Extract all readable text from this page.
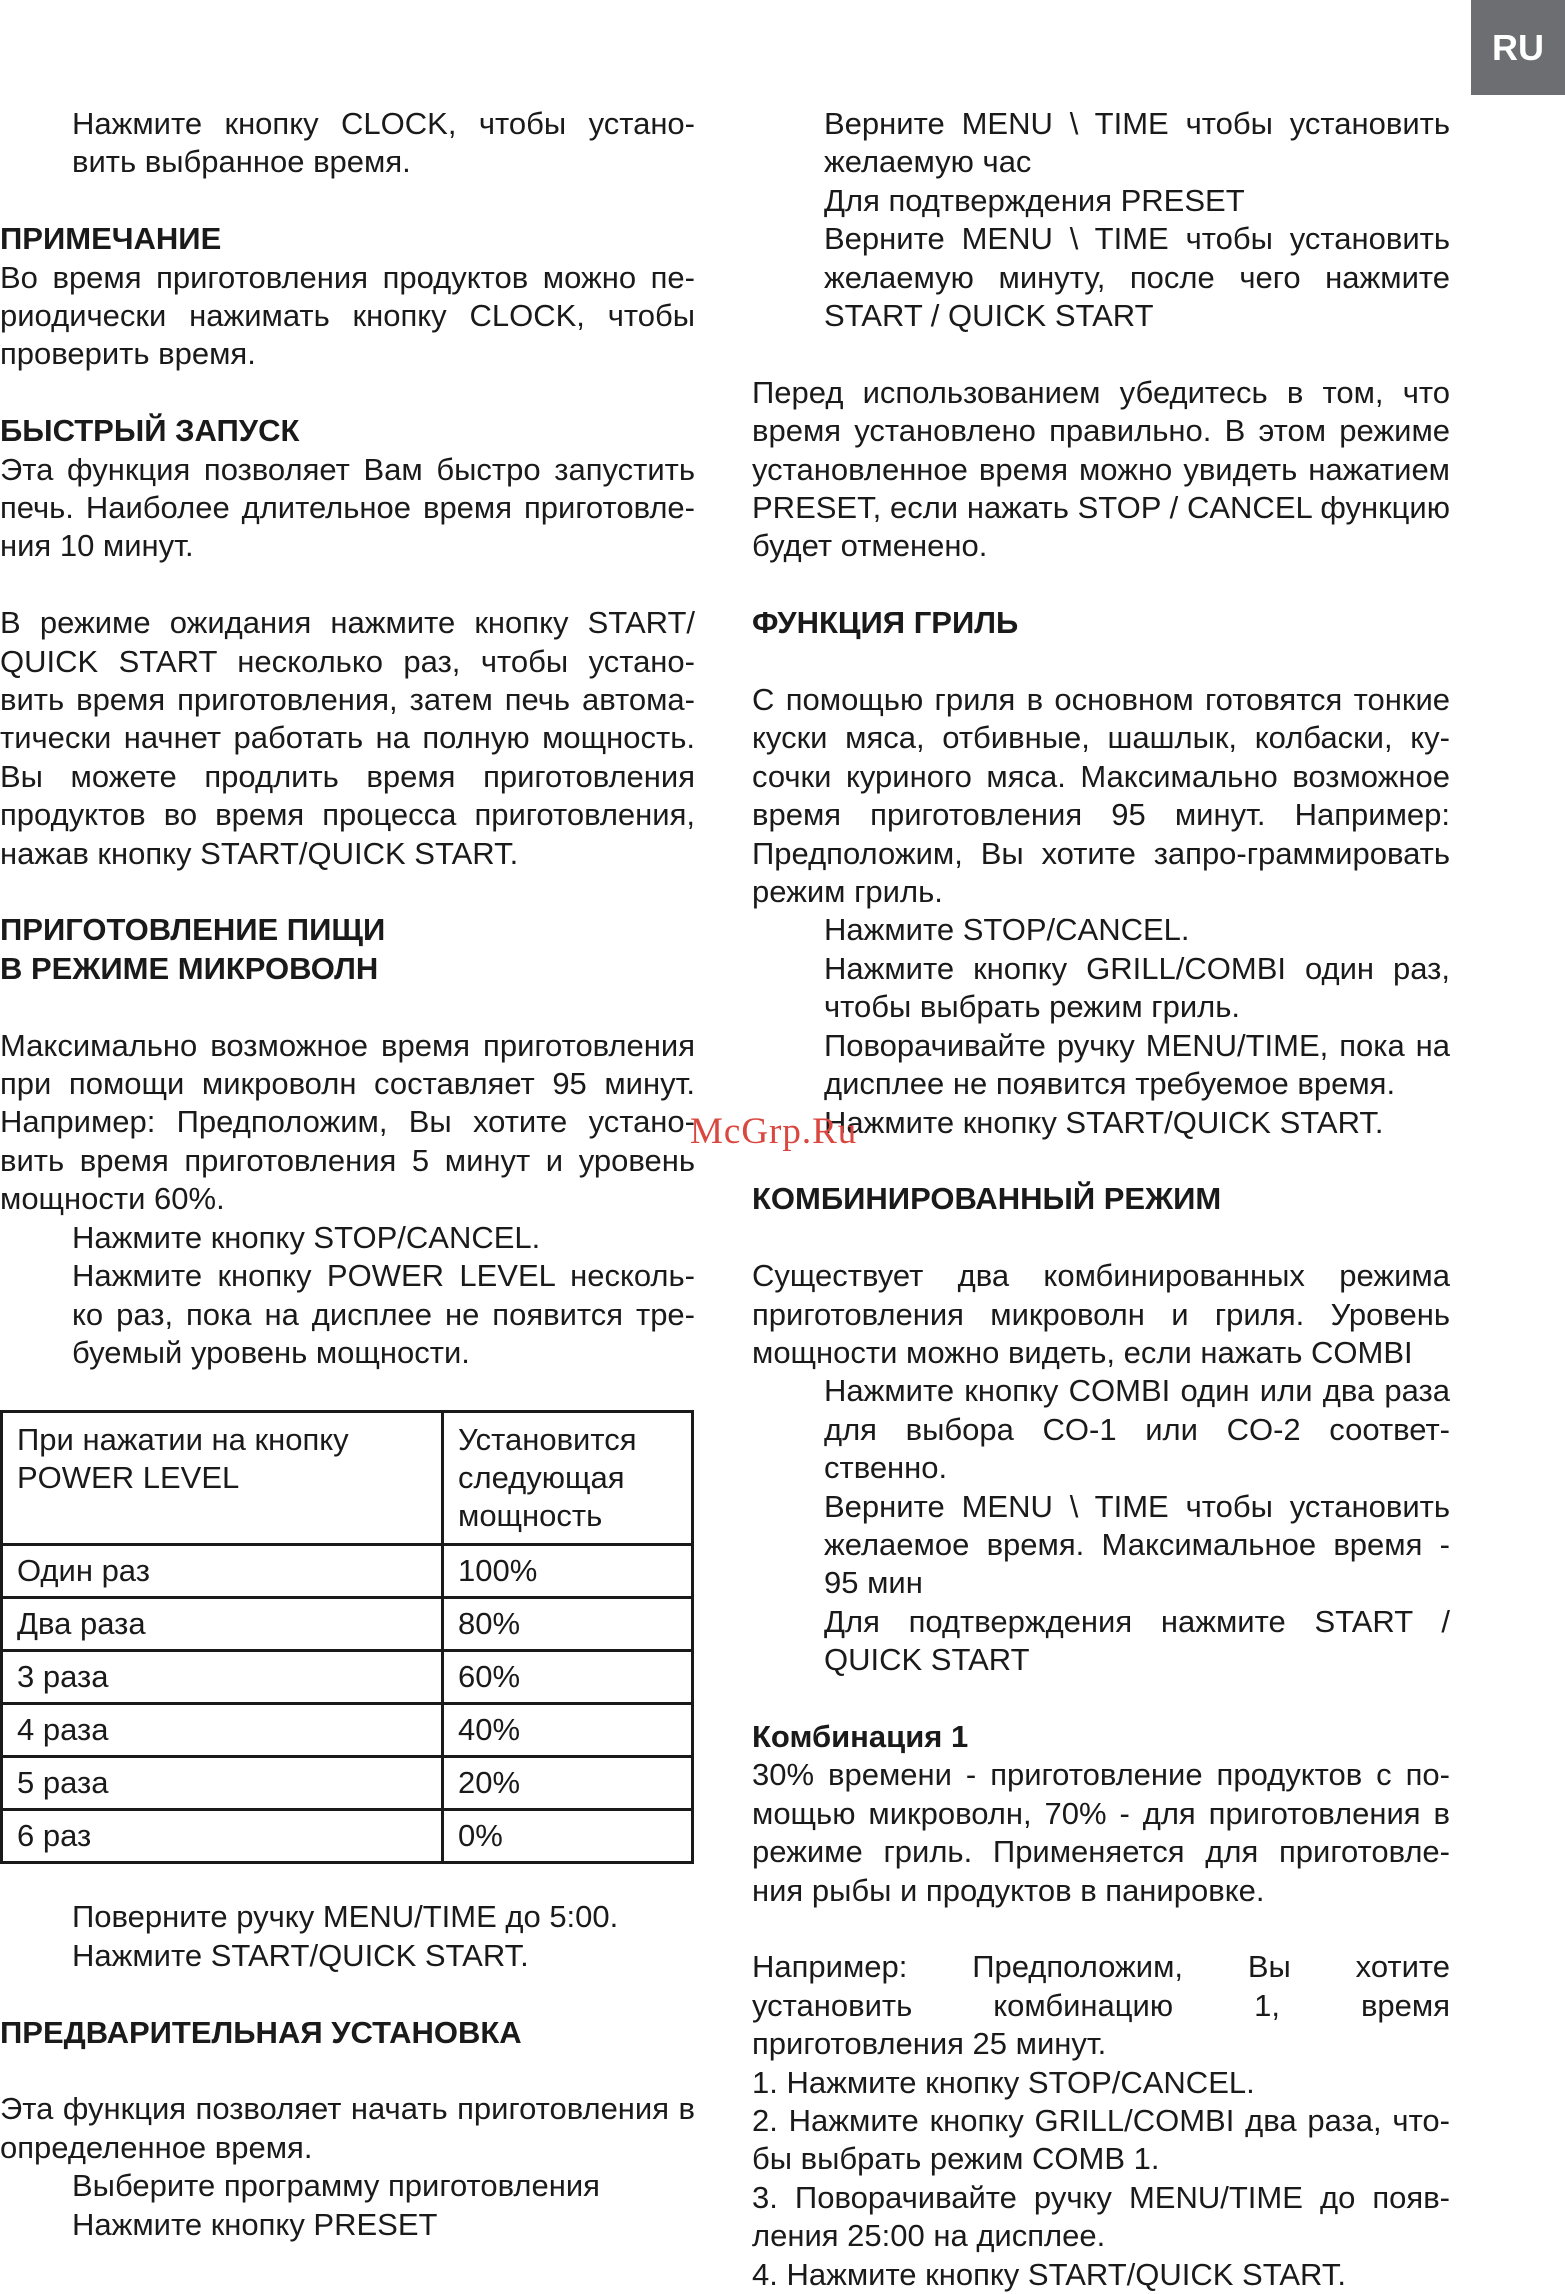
RU

Нажмите кнопку CLOCK, чтобы устано-вить выбранное время.

ПРИМЕЧАНИЕ

Во время приготовления продуктов можно пе-риодически нажимать кнопку CLOCK, чтобы проверить время.

БЫСТРЫЙ ЗАПУСК

Эта функция позволяет Вам быстро запустить печь. Наиболее длительное время приготовле-ния 10 минут.

В режиме ожидания нажмите кнопку START/ QUICK START несколько раз, чтобы устано-вить время приготовления, затем печь автома-тически начнет работать на полную мощность. Вы можете продлить время приготовления продуктов во время процесса приготовления, нажав кнопку START/QUICK START.

ПРИГОТОВЛЕНИЕ ПИЩИ

В РЕЖИМЕ МИКРОВОЛН

Максимально возможное время приготовления при помощи микроволн составляет 95 минут. Например: Предположим, Вы хотите устано-вить время приготовления 5 минут и уровень мощности 60%.

Нажмите кнопку STOP/CANCEL.

Нажмите кнопку POWER LEVEL несколь-ко раз, пока на дисплее не появится тре-буемый уровень мощности.

При нажатии на кнопку POWER LEVEL	Установится следующая мощность
Один раз	100%
Два раза	80%
3 раза	60%
4 раза	40%
5 раза	20%
6 раз	0%

Поверните ручку MENU/TIME до 5:00.

Нажмите START/QUICK START.

ПРЕДВАРИТЕЛЬНАЯ УСТАНОВКА

Эта функция позволяет начать приготовления в определенное время.

Выберите программу приготовления

Нажмите кнопку PRESET

Верните MENU \ TIME чтобы установить желаемую час

Для подтверждения PRESET

Верните MENU \ TIME чтобы установить желаемую минуту, после чего нажмите START / QUICK START

Перед использованием убедитесь в том, что время установлено правильно. В этом режиме установленное время можно увидеть нажатием PRESET, если нажать STOP / CANCEL функцию будет отменено.

ФУНКЦИЯ ГРИЛЬ

С помощью гриля в основном готовятся тонкие куски мяса, отбивные, шашлык, колбаски, ку-сочки куриного мяса. Максимально возможное время приготовления 95 минут. Например: Предположим, Вы хотите запро-граммировать режим гриль.

Нажмите STOP/CANCEL.

Нажмите кнопку GRILL/COMBI один раз, чтобы выбрать режим гриль.

Поворачивайте ручку MENU/TIME, пока на дисплее не появится требуемое время.

Нажмите кнопку START/QUICK START.

КОМБИНИРОВАННЫЙ РЕЖИМ

Существует два комбинированных режима приготовления микроволн и гриля. Уровень мощности можно видеть, если нажать COMBI

Нажмите кнопку COMBI один или два раза для выбора CO-1 или CO-2 соответ-ственно.

Верните MENU \ TIME чтобы установить желаемое время. Максимальное время - 95 мин

Для подтверждения нажмите START / QUICK START

Комбинация 1

30% времени - приготовление продуктов с по-мощью микроволн, 70% - для приготовления в режиме гриль. Применяется для приготовле-ния рыбы и продуктов в панировке.

Например: Предположим, Вы хотите установить комбинацию 1, время приготовления 25 минут.

1. Нажмите кнопку STOP/CANCEL.

2. Нажмите кнопку GRILL/COMBI два раза, что-бы выбрать режим COMB 1.

3. Поворачивайте ручку MENU/TIME до появ-ления 25:00 на дисплее.

4. Нажмите кнопку START/QUICK START.

McGrp.Ru
